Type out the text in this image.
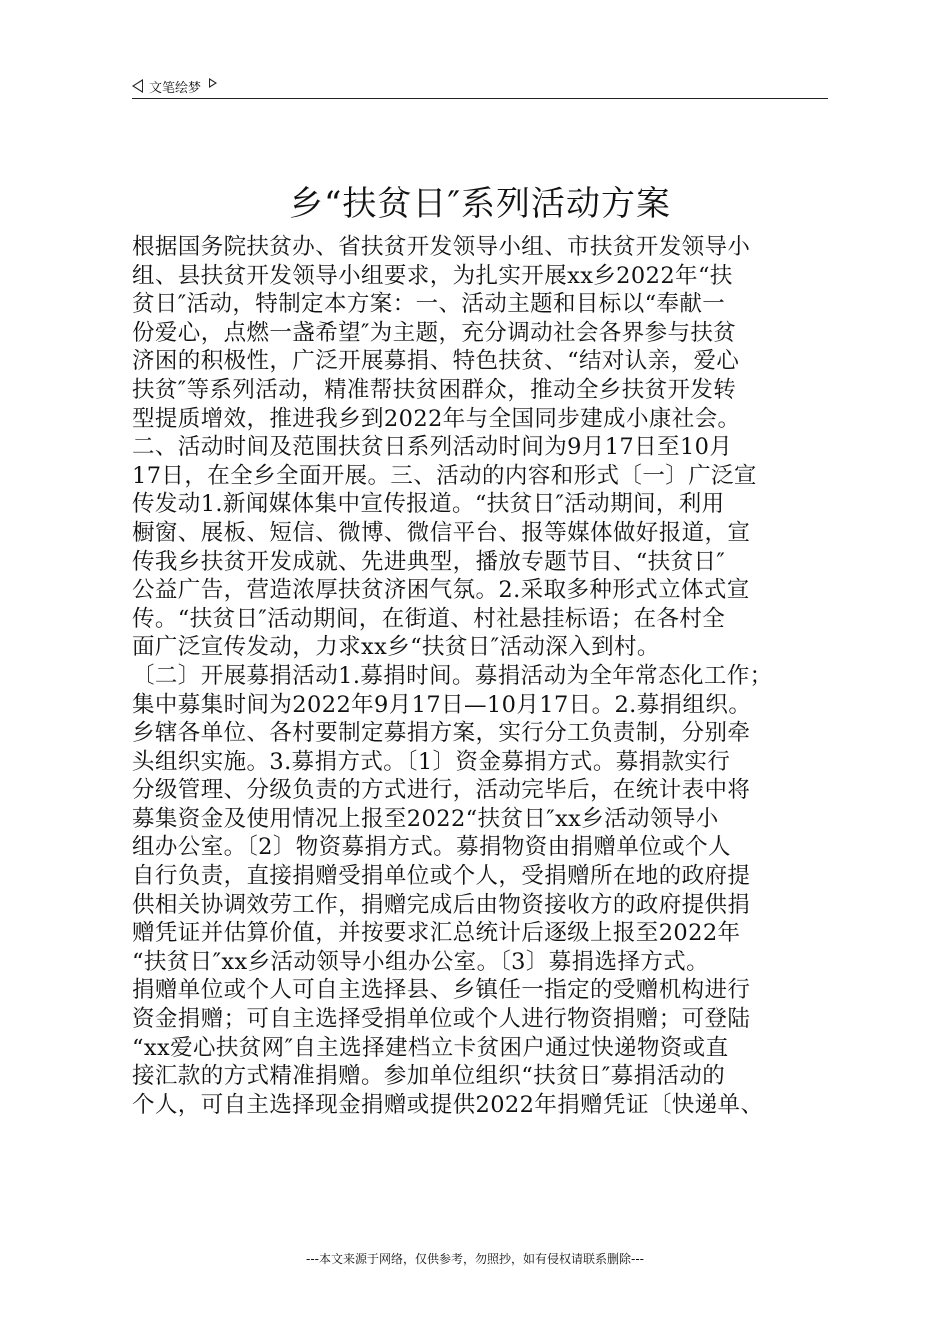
文笔绘梦
乡“扶贫日″系列活动方案
根据国务院扶贫办、省扶贫开发领导小组、市扶贫开发领导小
组、县扶贫开发领导小组要求，为扎实开展xx乡2022年“扶
贫日″活动，特制定本方案：一、活动主题和目标以“奉献一
份爱心，点燃一盏希望″为主题，充分调动社会各界参与扶贫
济困的积极性，广泛开展募捐、特色扶贫、“结对认亲，爱心
扶贫″等系列活动，精准帮扶贫困群众，推动全乡扶贫开发转
型提质增效，推进我乡到2022年与全国同步建成小康社会。
二、活动时间及范围扶贫日系列活动时间为9月17日至10月
17日，在全乡全面开展。三、活动的内容和形式〔一〕广泛宣
传发动1.新闻媒体集中宣传报道。“扶贫日″活动期间，利用
橱窗、展板、短信、微博、微信平台、报等媒体做好报道，宣
传我乡扶贫开发成就、先进典型，播放专题节目、“扶贫日″
公益广告，营造浓厚扶贫济困气氛。2.采取多种形式立体式宣
传。“扶贫日″活动期间，在街道、村社悬挂标语；在各村全
面广泛宣传发动，力求xx乡“扶贫日″活动深入到村。
〔二〕开展募捐活动1.募捐时间。募捐活动为全年常态化工作；
集中募集时间为2022年9月17日—10月17日。2.募捐组织。
乡辖各单位、各村要制定募捐方案，实行分工负责制，分别牵
头组织实施。3.募捐方式。〔1〕资金募捐方式。募捐款实行
分级管理、分级负责的方式进行，活动完毕后，在统计表中将
募集资金及使用情况上报至2022“扶贫日″xx乡活动领导小
组办公室。〔2〕物资募捐方式。募捐物资由捐赠单位或个人
自行负责，直接捐赠受捐单位或个人，受捐赠所在地的政府提
供相关协调效劳工作，捐赠完成后由物资接收方的政府提供捐
赠凭证并估算价值，并按要求汇总统计后逐级上报至2022年
“扶贫日″xx乡活动领导小组办公室。〔3〕募捐选择方式。
捐赠单位或个人可自主选择县、乡镇任一指定的受赠机构进行
资金捐赠；可自主选择受捐单位或个人进行物资捐赠；可登陆
“xx爱心扶贫网″自主选择建档立卡贫困户通过快递物资或直
接汇款的方式精准捐赠。参加单位组织“扶贫日″募捐活动的
个人，可自主选择现金捐赠或提供2022年捐赠凭证〔快递单、
---本文来源于网络，仅供参考，勿照抄，如有侵权请联系删除---
